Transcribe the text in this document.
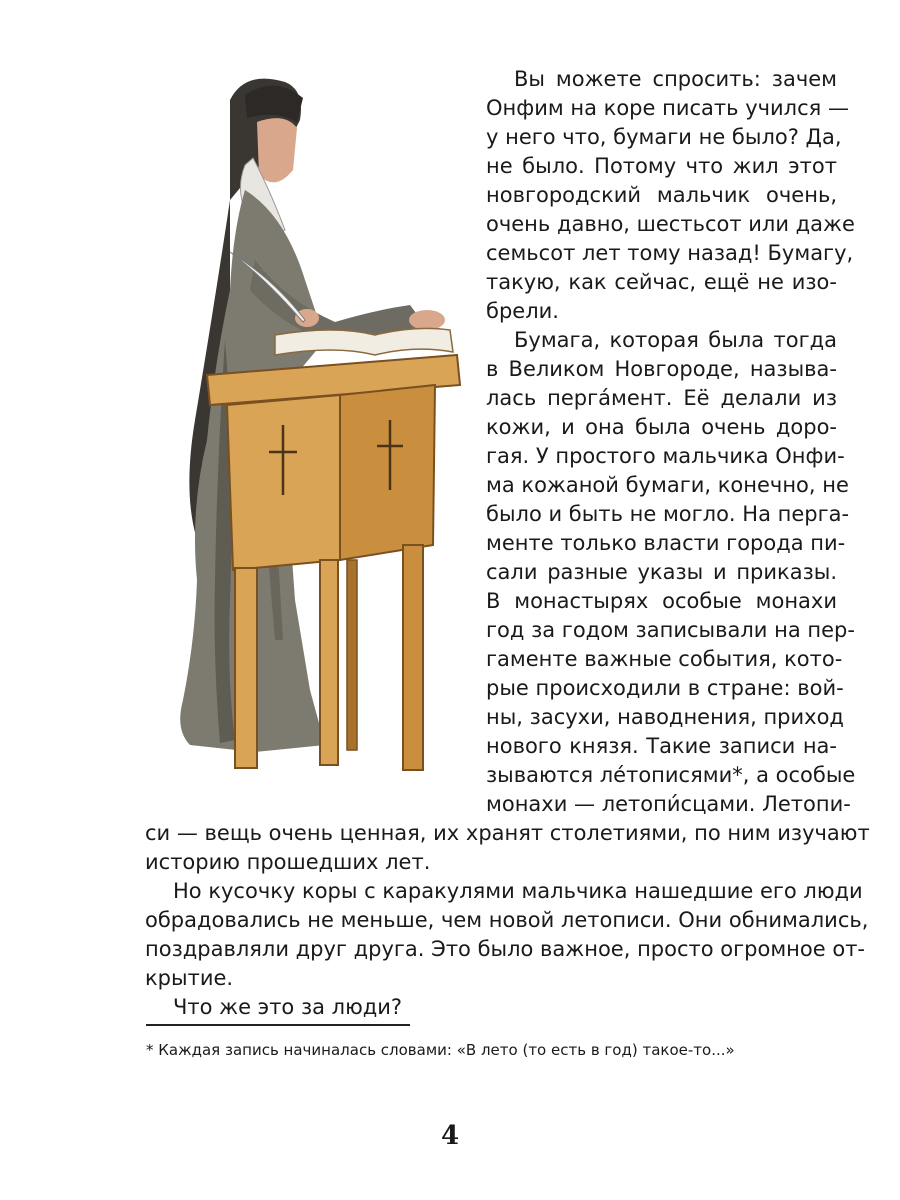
Вы можете спросить: зачем
Онфим на коре писать учился —
у него что, бумаги не было? Да,
не было. Потому что жил этот
новгородский мальчик очень,
очень давно, шестьсот или даже
семьсот лет тому назад! Бумагу,
такую, как сейчас, ещё не изо-
брели.
Бумага, которая была тогда
в Великом Новгороде, называ-
лась перга́мент. Её делали из
кожи, и она была очень доро-
гая. У простого мальчика Онфи-
ма кожаной бумаги, конечно, не
было и быть не могло. На перга-
менте только власти города пи-
сали разные указы и приказы.
В монастырях особые монахи
год за годом записывали на пер-
гаменте важные события, кото-
рые происходили в стране: вой-
ны, засухи, наводнения, приход
нового князя. Такие записи на-
зываются ле́тописями*, а особые
монахи — летопи́сцами. Летопи-
си — вещь очень ценная, их хранят столетиями, по ним изучают
историю прошедших лет.
Но кусочку коры с каракулями мальчика нашедшие его люди
обрадовались не меньше, чем новой летописи. Они обнимались,
поздравляли друг друга. Это было важное, просто огромное от-
крытие.
Что же это за люди?
* Каждая запись начиналась словами: «В лето (то есть в год) такое-то...»
4
